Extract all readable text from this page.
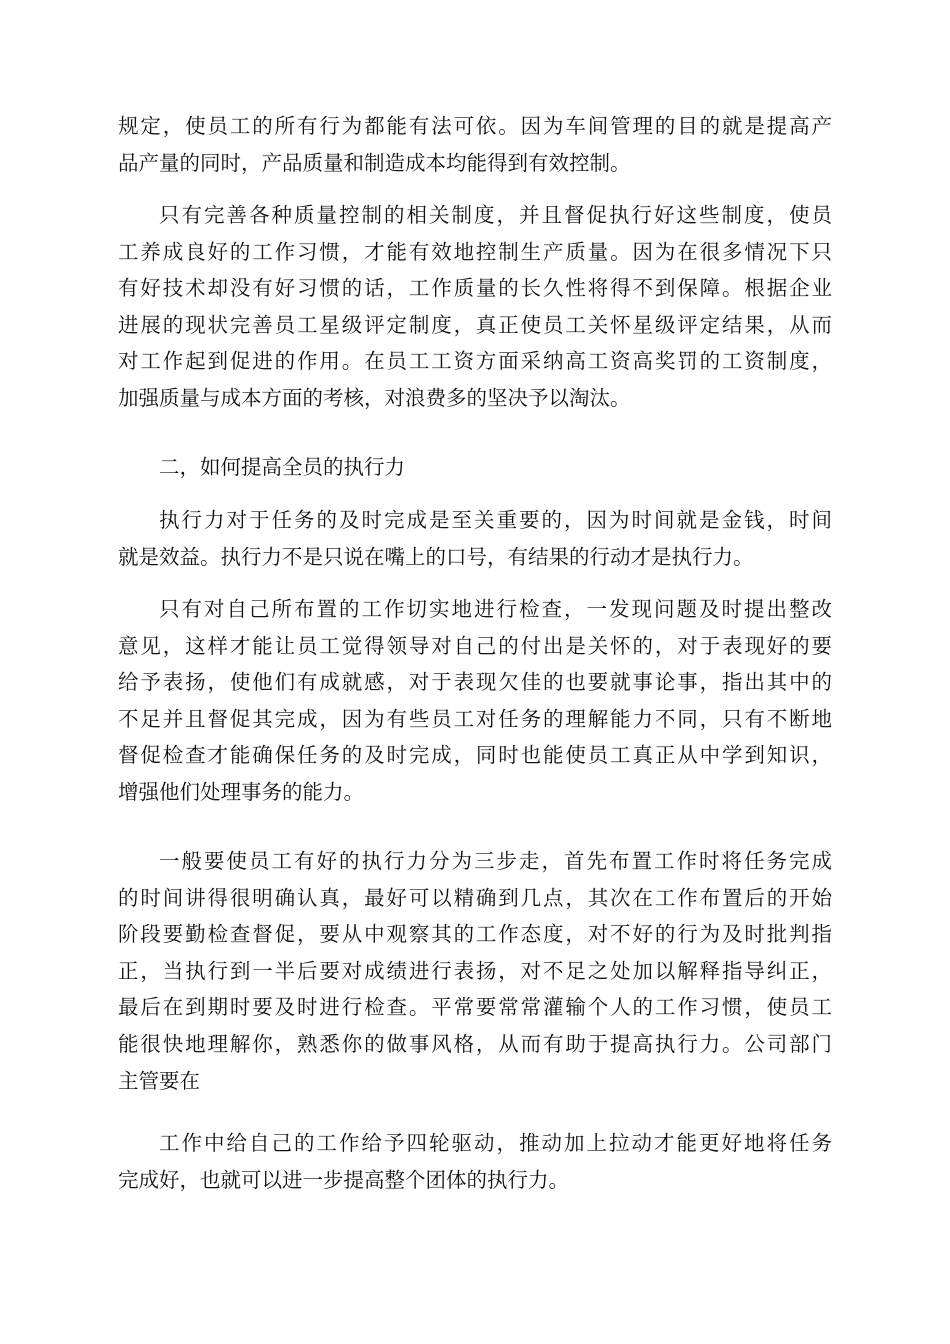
规定，使员工的所有行为都能有法可依。因为车间管理的目的就是提高产
品产量的同时，产品质量和制造成本均能得到有效控制。
只有完善各种质量控制的相关制度，并且督促执行好这些制度，使员
工养成良好的工作习惯，才能有效地控制生产质量。因为在很多情况下只
有好技术却没有好习惯的话，工作质量的长久性将得不到保障。根据企业
进展的现状完善员工星级评定制度，真正使员工关怀星级评定结果，从而
对工作起到促进的作用。在员工工资方面采纳高工资高奖罚的工资制度，
加强质量与成本方面的考核，对浪费多的坚决予以淘汰。
二，如何提高全员的执行力
执行力对于任务的及时完成是至关重要的，因为时间就是金钱，时间
就是效益。执行力不是只说在嘴上的口号，有结果的行动才是执行力。
只有对自己所布置的工作切实地进行检查，一发现问题及时提出整改
意见，这样才能让员工觉得领导对自己的付出是关怀的，对于表现好的要
给予表扬，使他们有成就感，对于表现欠佳的也要就事论事，指出其中的
不足并且督促其完成，因为有些员工对任务的理解能力不同，只有不断地
督促检查才能确保任务的及时完成，同时也能使员工真正从中学到知识，
增强他们处理事务的能力。
一般要使员工有好的执行力分为三步走，首先布置工作时将任务完成
的时间讲得很明确认真，最好可以精确到几点，其次在工作布置后的开始
阶段要勤检查督促，要从中观察其的工作态度，对不好的行为及时批判指
正，当执行到一半后要对成绩进行表扬，对不足之处加以解释指导纠正，
最后在到期时要及时进行检查。平常要常常灌输个人的工作习惯，使员工
能很快地理解你，熟悉你的做事风格，从而有助于提高执行力。公司部门
主管要在
工作中给自己的工作给予四轮驱动，推动加上拉动才能更好地将任务
完成好，也就可以进一步提高整个团体的执行力。
